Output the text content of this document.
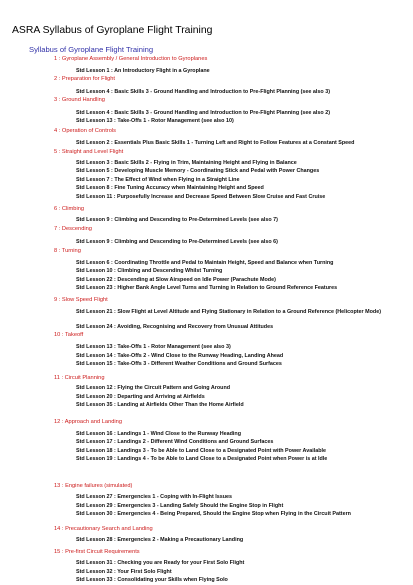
ASRA Syllabus of Gyroplane Flight Training
Syllabus of Gyroplane Flight Training
1 : Gyroplane Assembly / General Introduction to Gyroplanes
Std Lesson 1 : An Introductory Flight in a Gyroplane
2 : Preparation for Flight
Std Lesson 4 : Basic Skills 3 - Ground Handling and Introduction to Pre-Flight Planning (see also 3)
3 : Ground Handling
Std Lesson 4 : Basic Skills 3 - Ground Handling and Introduction to Pre-Flight Planning (see also 2)
Std Lesson 13 : Take-Offs 1 - Rotor Management (see also 10)
4 : Operation of Controls
Std Lesson 2 : Essentials Plus Basic Skills 1 - Turning Left and Right to Follow Features at a Constant Speed
5 : Straight and Level Flight
Std Lesson 3 : Basic Skills 2 - Flying in Trim, Maintaining Height and Flying in Balance
Std Lesson 5 : Developing Muscle Memory - Coordinating Stick and Pedal with Power Changes
Std Lesson 7 : The Effect of Wind when Flying in a Straight Line
Std Lesson 8 : Fine Tuning Accuracy when Maintaining Height and Speed
Std Lesson 11 : Purposefully Increase and Decrease Speed Between Slow Cruise and Fast Cruise
6 : Climbing
Std Lesson 9 : Climbing and Descending to Pre-Determined Levels (see also 7)
7 : Descending
Std Lesson 9 : Climbing and Descending to Pre-Determined Levels (see also 6)
8 : Turning
Std Lesson 6 : Coordinating Throttle and Pedal to Maintain Height, Speed and Balance when Turning
Std Lesson 10 : Climbing and Descending Whilst Turning
Std Lesson 22 : Descending at Slow Airspeed on Idle Power (Parachute Mode)
Std Lesson 23 : Higher Bank Angle Level Turns and Turning in Relation to Ground Reference Features
9 : Slow Speed Flight
Std Lesson 21 : Slow Flight at Level Altitude and Flying Stationary in Relation to a Ground Reference (Helicopter Mode)
Std Lesson 24 : Avoiding, Recognising and Recovery from Unusual Attitudes
10 : Takeoff
Std Lesson 13 : Take-Offs 1 - Rotor Management (see also 3)
Std Lesson 14 : Take-Offs 2 - Wind Close to the Runway Heading, Landing Ahead
Std Lesson 15 : Take-Offs 3 - Different Weather Conditions and Ground Surfaces
11 : Circuit Planning
Std Lesson 12 : Flying the Circuit Pattern and Going Around
Std Lesson 20 : Departing and Arriving at Airfields
Std Lesson 35 : Landing at Airfields Other Than the Home Airfield
12 : Approach and Landing
Std Lesson 16 : Landings 1 - Wind Close to the Runway Heading
Std Lesson 17 : Landings 2 - Different Wind Conditions and Ground Surfaces
Std Lesson 18 : Landings 3 - To be Able to Land Close to a Designated Point with Power Available
Std Lesson 19 : Landings 4 - To be Able to Land Close to a Designated Point when Power is at Idle
13 : Engine failures (simulated)
Std Lesson 27 : Emergencies 1 - Coping with In-Flight Issues
Std Lesson 29 : Emergencies 3 - Landing Safely Should the Engine Stop in Flight
Std Lesson 30 : Emergencies 4 - Being Prepared, Should the Engine Stop when Flying in the Circuit Pattern
14 : Precautionary Search and Landing
Std Lesson 28 : Emergencies 2 - Making a Precautionary Landing
15 : Pre-first Circuit Requirements
Std Lesson 31 : Checking you are Ready for your First Solo Flight
Std Lesson 32 : Your First Solo Flight
Std Lesson 33 : Consolidating your Skills when Flying Solo
